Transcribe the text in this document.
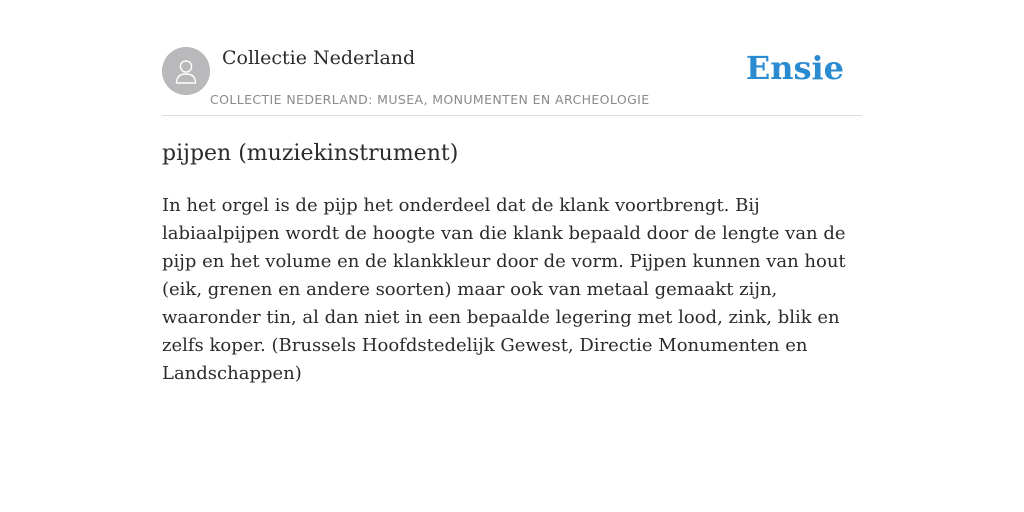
Collectie Nederland
COLLECTIE NEDERLAND: MUSEA, MONUMENTEN EN ARCHEOLOGIE
Ensie
pijpen (muziekinstrument)

In het orgel is de pijp het onderdeel dat de klank voortbrengt. Bij labiaalpijpen wordt de hoogte van die klank bepaald door de lengte van de pijp en het volume en de klankkleur door de vorm. Pijpen kunnen van hout (eik, grenen en andere soorten) maar ook van metaal gemaakt zijn, waaronder tin, al dan niet in een bepaalde legering met lood, zink, blik en zelfs koper. (Brussels Hoofdstedelijk Gewest, Directie Monumenten en Landschappen)
